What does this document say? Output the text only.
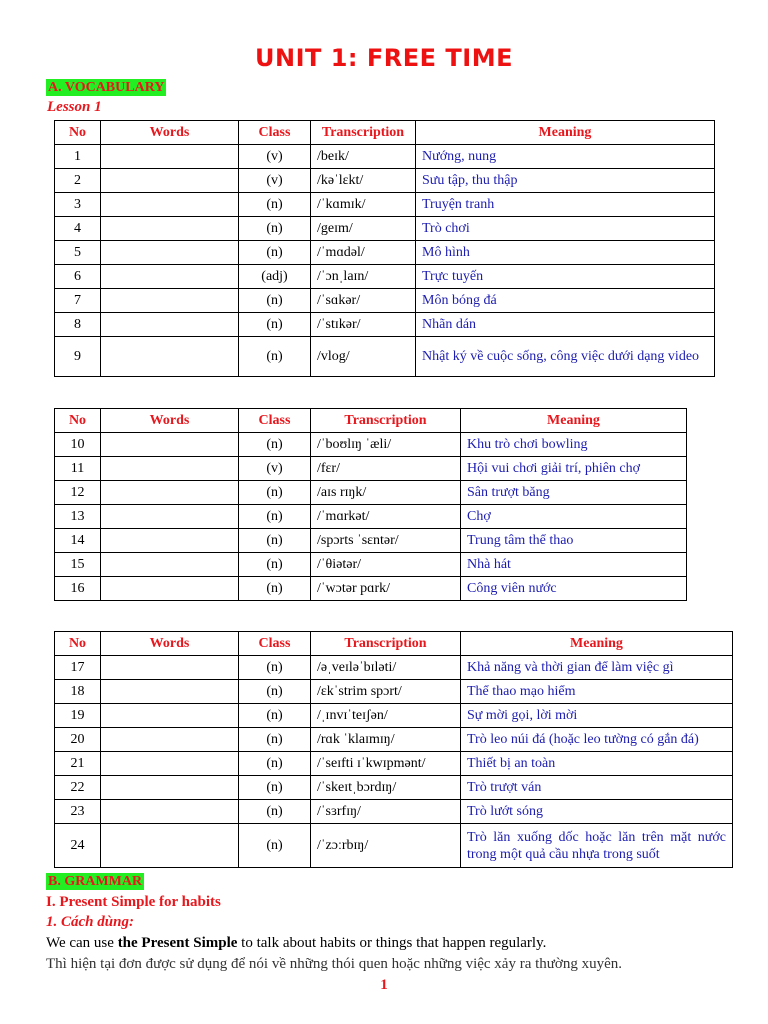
UNIT 1: FREE TIME
A. VOCABULARY
Lesson 1
No	Words	Class	Transcription	Meaning
1		(v)	/beɪk/	Nướng, nung
2		(v)	/kəˈlɛkt/	Sưu tập, thu thập
3		(n)	/ˈkɑmɪk/	Truyện tranh
4		(n)	/geɪm/	Trò chơi
5		(n)	/ˈmɑdəl/	Mô hình
6		(adj)	/ˈɔnˌlaɪn/	Trực tuyến
7		(n)	/ˈsɑkər/	Môn bóng đá
8		(n)	/ˈstɪkər/	Nhãn dán
9		(n)	/vlog/	Nhật ký về cuộc sống, công việc dưới dạng video
No	Words	Class	Transcription	Meaning
10		(n)	/ˈboʊlɪŋ ˈæli/	Khu trò chơi bowling
11		(v)	/fɛr/	Hội vui chơi giải trí, phiên chợ
12		(n)	/aɪs rɪŋk/	Sân trượt băng
13		(n)	/ˈmɑrkət/	Chợ
14		(n)	/spɔrts ˈsɛntər/	Trung tâm thể thao
15		(n)	/ˈθiətər/	Nhà hát
16		(n)	/ˈwɔtər pɑrk/	Công viên nước
No	Words	Class	Transcription	Meaning
17		(n)	/əˌveɪləˈbɪləti/	Khả năng và thời gian để làm việc gì
18		(n)	/ɛkˈstrim spɔrt/	Thể thao mạo hiểm
19		(n)	/ˌɪnvɪˈteɪʃən/	Sự mời gọi, lời mời
20		(n)	/rɑk ˈklaɪmɪŋ/	Trò leo núi đá (hoặc leo tường có gắn đá)
21		(n)	/ˈseɪfti ɪˈkwɪpmənt/	Thiết bị an toàn
22		(n)	/ˈskeɪtˌbɔrdɪŋ/	Trò trượt ván
23		(n)	/ˈsɜrfɪŋ/	Trò lướt sóng
24		(n)	/ˈzɔːrbɪŋ/	Trò lăn xuống dốc hoặc lăn trên mặt nước trong một quả cầu nhựa trong suốt
B. GRAMMAR
I. Present Simple for habits
1. Cách dùng:
We can use the Present Simple to talk about habits or things that happen regularly.
Thì hiện tại đơn được sử dụng để nói về những thói quen hoặc những việc xảy ra thường xuyên.
1
